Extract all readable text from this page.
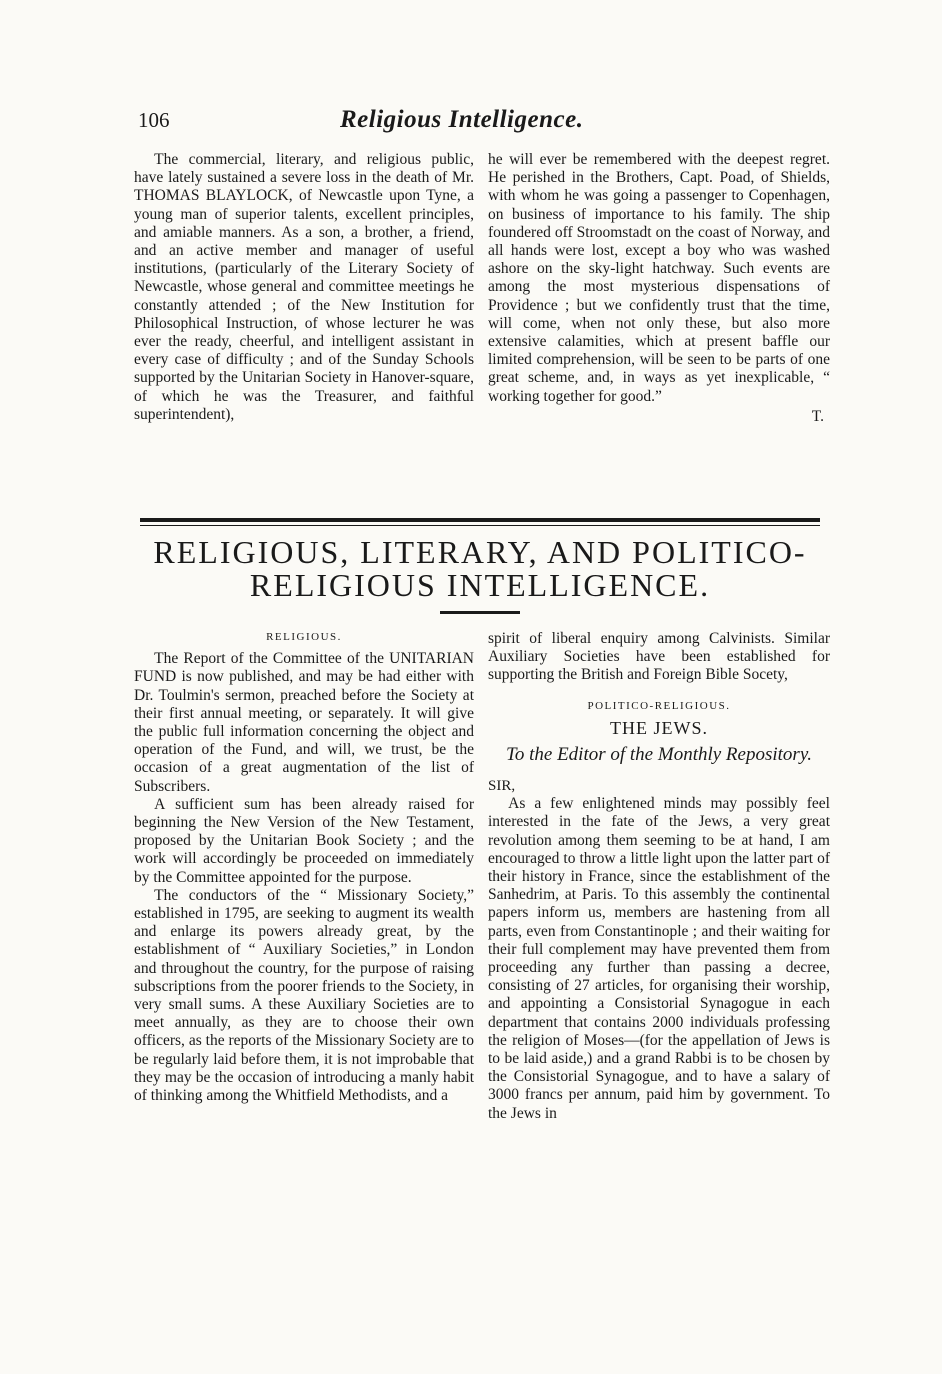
106	Religious Intelligence.

The commercial, literary, and religious public, have lately sustained a severe loss in the death of Mr. THOMAS BLAYLOCK, of Newcastle upon Tyne, a young man of superior talents, excellent principles, and amiable manners. As a son, a brother, a friend, and an active member and manager of useful institutions, (particularly of the Literary Society of Newcastle, whose general and committee meetings he constantly attended ; of the New Institution for Philosophical Instruction, of whose lecturer he was ever the ready, cheerful, and intelligent assistant in every case of difficulty ; and of the Sunday Schools supported by the Unitarian Society in Hanover-square, of which he was the Treasurer, and faithful superintendent),

he will ever be remembered with the deepest regret. He perished in the Brothers, Capt. Poad, of Shields, with whom he was going a passenger to Copenhagen, on business of importance to his family. The ship foundered off Stroomstadt on the coast of Norway, and all hands were lost, except a boy who was washed ashore on the sky-light hatchway. Such events are among the most mysterious dispensations of Providence ; but we confidently trust that the time, will come, when not only these, but also more extensive calamities, which at present baffle our limited comprehension, will be seen to be parts of one great scheme, and, in ways as yet inexplicable, “ working together for good.”

T.
RELIGIOUS, LITERARY, AND POLITICO-
RELIGIOUS INTELLIGENCE.
RELIGIOUS.

The Report of the Committee of the UNITARIAN FUND is now published, and may be had either with Dr. Toulmin's sermon, preached before the Society at their first annual meeting, or separately. It will give the public full information concerning the object and operation of the Fund, and will, we trust, be the occasion of a great augmentation of the list of Subscribers.

A sufficient sum has been already raised for beginning the New Version of the New Testament, proposed by the Unitarian Book Society ; and the work will accordingly be proceeded on immediately by the Committee appointed for the purpose.

The conductors of the “ Missionary Society,” established in 1795, are seeking to augment its wealth and enlarge its powers already great, by the establishment of “ Auxiliary Societies,” in London and throughout the country, for the purpose of raising subscriptions from the poorer friends to the Society, in very small sums. A these Auxiliary Societies are to meet annually, as they are to choose their own officers, as the reports of the Missionary Society are to be regularly laid before them, it is not improbable that they may be the occasion of introducing a manly habit of thinking among the Whitfield Methodists, and a

spirit of liberal enquiry among Calvinists. Similar Auxiliary Societies have been established for supporting the British and Foreign Bible Socety,

POLITICO-RELIGIOUS.
THE JEWS.
To the Editor of the Monthly Repository.
SIR,

As a few enlightened minds may possibly feel interested in the fate of the Jews, a very great revolution among them seeming to be at hand, I am encouraged to throw a little light upon the latter part of their history in France, since the establishment of the Sanhedrim, at Paris. To this assembly the continental papers inform us, members are hastening from all parts, even from Constantinople ; and their waiting for their full complement may have prevented them from proceeding any further than passing a decree, consisting of 27 articles, for organising their worship, and appointing a Consistorial Synagogue in each department that contains 2000 individuals professing the religion of Moses—(for the appellation of Jews is to be laid aside,) and a grand Rabbi is to be chosen by the Consistorial Synagogue, and to have a salary of 3000 francs per annum, paid him by government. To the Jews in
